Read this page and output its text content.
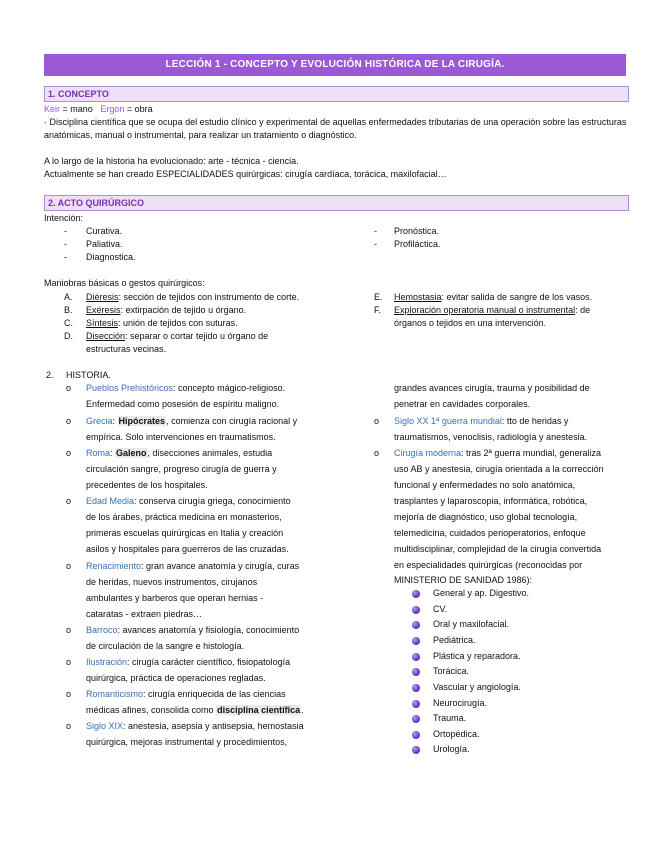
LECCIÓN 1 - CONCEPTO Y EVOLUCIÓN HISTÓRICA DE LA CIRUGÍA.
1. CONCEPTO
Keir = mano Ergon = obra
· Disciplina científica que se ocupa del estudio clínico y experimental de aquellas enfermedades tributarias de una operación sobre las estructuras anatómicas, manual o instrumental, para realizar un tratamiento o diagnóstico.
A lo largo de la historia ha evolucionado: arte - técnica - ciencia.
Actualmente se han creado ESPECIALIDADES quirúrgicas: cirugía cardíaca, torácica, maxilofacial…
2. ACTO QUIRÚRGICO
Intención:
- Curativa.
- Paliativa.
- Diagnostica.
- Pronóstica.
- Profiláctica.
Maniobras básicas o gestos quirúrgicos:
A. Diéresis: sección de tejidos con instrumento de corte.
B. Exéresis: extirpación de tejido u órgano.
C. Síntesis: unión de tejidos con suturas.
D. Disección: separar o cortar tejido u órgano de
estructuras vecinas.
E. Hemostasia: evitar salida de sangre de los vasos.
F. Exploración operatoria manual o instrumental: de
órganos o tejidos en una intervención.
2. HISTORIA.
o Pueblos Prehistóricos: concepto mágico-religioso.
Enfermedad como posesión de espíritu maligno.
o Grecia: Hipócrates, comienza con cirugía racional y
empírica. Solo intervenciones en traumatismos.
o Roma: Galeno, disecciones animales, estudia
circulación sangre, progreso cirugía de guerra y
precedentes de los hospitales.
o Edad Media: conserva cirugía griega, conocimiento
de los árabes, práctica medicina en monasterios,
primeras escuelas quirúrgicas en Italia y creación
asilos y hospitales para guerreros de las cruzadas.
o Renacimiento: gran avance anatomía y cirugía, curas
de heridas, nuevos instrumentos, cirujanos
ambulantes y barberos que operan hernias -
cataratas - extraen piedras…
o Barroco: avances anatomía y fisiología, conocimiento
de circulación de la sangre e histología.
o Ilustración: cirugía carácter científico, fisiopatología
quirúrgica, práctica de operaciones regladas.
o Romanticismo: cirugía enriquecida de las ciencias
médicas afines, consolida como disciplina científica.
o Siglo XIX: anestesia, asepsia y antisepsia, hemostasia
quirúrgica, mejoras instrumental y procedimientos,
grandes avances cirugía, trauma y posibilidad de
penetrar en cavidades corporales.
o Siglo XX 1ª guerra mundial: tto de heridas y
traumatismos, venoclisis, radiología y anestesia.
o Cirugía moderna: tras 2ª guerra mundial, generaliza
uso AB y anestesia, cirugía orientada a la corrección
funcional y enfermedades no solo anatómica,
trasplantes y laparoscopia, informática, robótica,
mejoría de diagnóstico, uso global tecnología,
telemedicina, cuidados perioperatorios, enfoque
multidisciplinar, complejidad de la cirugía convertida
en especialidades quirúrgicas (reconocidas por
MINISTERIO DE SANIDAD 1986):
General y ap. Digestivo.
CV.
Oral y maxilofacial.
Pediátrica.
Plástica y reparadora.
Torácica.
Vascular y angiología.
Neurocirugía.
Trauma.
Ortopédica.
Urología.
